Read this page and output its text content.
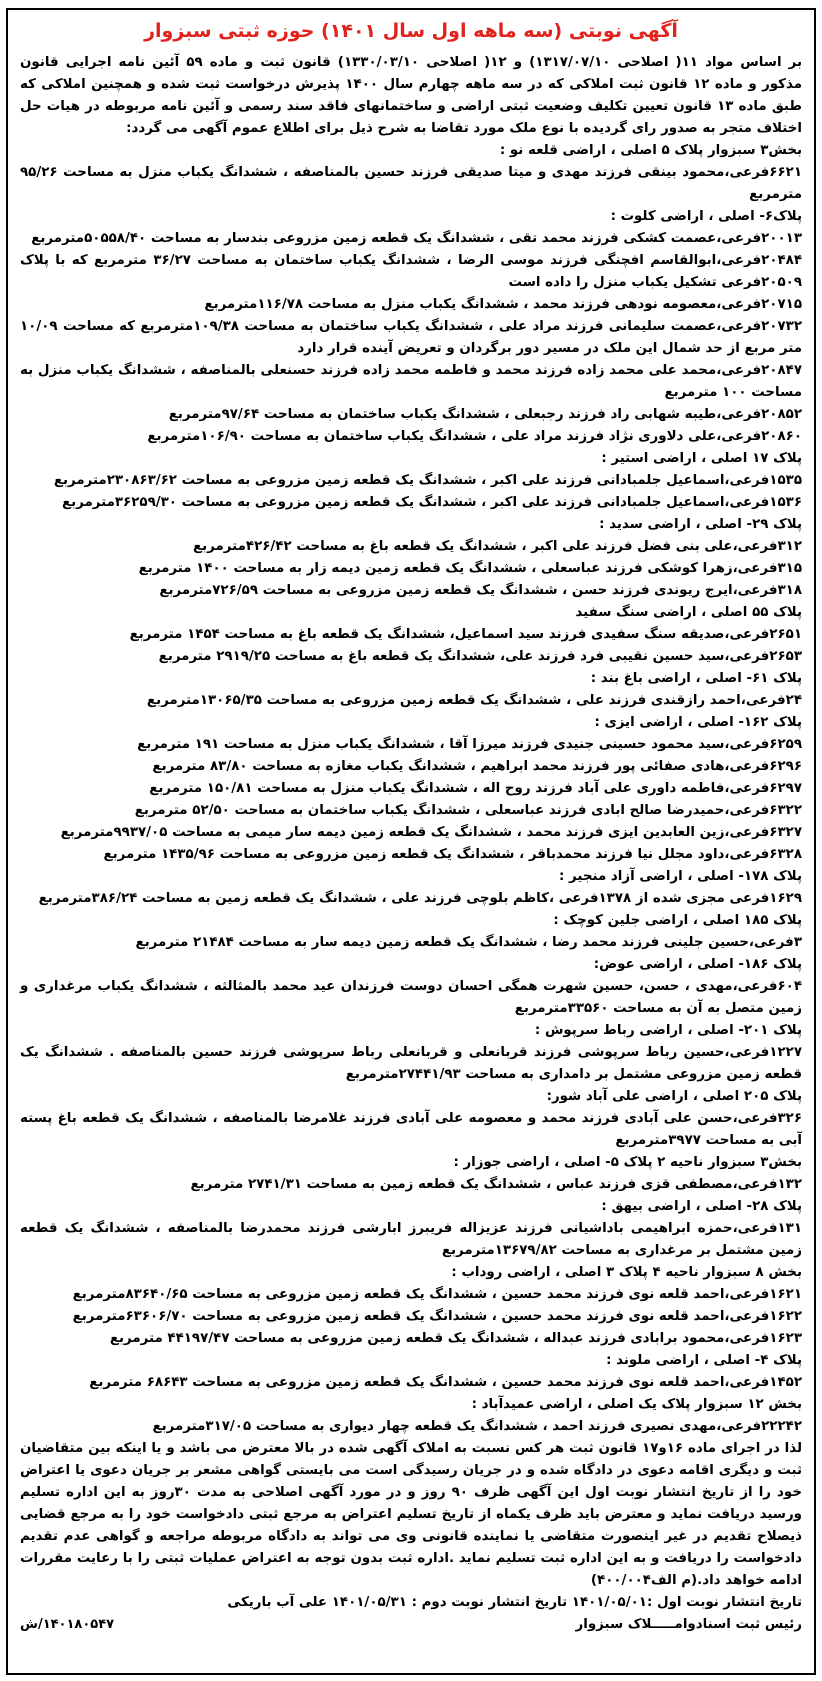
آگهی نوبتی (سه ماهه اول سال ۱۴۰۱) حوزه ثبتی سبزوار

بر اساس مواد ۱۱( اصلاحی ۱۳۱۷/۰۷/۱۰) و ۱۲( اصلاحی ۱۳۳۰/۰۳/۱۰) قانون ثبت و ماده ۵۹ آئین نامه اجرایی قانون مذکور و ماده ۱۲ قانون ثبت املاکی که در سه ماهه چهارم سال ۱۴۰۰ پذیرش درخواست ثبت شده و همچنین املاکی که طبق ماده ۱۳ قانون تعیین تکلیف وضعیت ثبتی اراضی و ساختمانهای فاقد سند رسمی و آئین نامه مربوطه در هیات حل اختلاف متجر به صدور رای گردیده با نوع ملک مورد تقاضا به شرح ذیل برای اطلاع عموم آگهی می گردد:

بخش۳ سبزوار پلاک ۵ اصلی ، اراضی قلعه نو :

۶۶۲۱فرعی،محمود بینقی فرزند مهدی و میتا صدیقی فرزند حسین بالمناصفه ، ششدانگ یکباب منزل به مساحت ۹۵/۲۶ مترمربع

پلاک۶- اصلی ، اراضی کلوت :

۲۰۰۱۳فرعی،عصمت کشکی فرزند محمد تقی ، ششدانگ یک قطعه زمین مزروعی بندسار به مساحت ۵۰۵۵۸/۴۰مترمربع

۲۰۴۸۴فرعی،ابوالقاسم افچنگی فرزند موسی الرضا ، ششدانگ یکباب ساختمان به مساحت ۳۶/۲۷ مترمربع که با پلاک ۲۰۵۰۹فرعی تشکیل یکباب منزل را داده است

۲۰۷۱۵فرعی،معصومه نودهی فرزند محمد ، ششدانگ یکباب منزل به مساحت ۱۱۶/۷۸مترمربع

۲۰۷۳۲فرعی،عصمت سلیمانی فرزند مراد علی ، ششدانگ یکباب ساختمان به مساحت ۱۰۹/۳۸مترمربع که مساحت ۱۰/۰۹ متر مربع از حد شمال این ملک در مسیر دور برگردان و تعریض آینده قرار دارد

۲۰۸۴۷فرعی،محمد علی محمد زاده فرزند محمد و فاطمه محمد زاده فرزند حسنعلی بالمناصفه ، ششدانگ یکباب منزل به مساحت ۱۰۰ مترمربع

۲۰۸۵۲فرعی،طیبه شهابی راد فرزند رجبعلی ، ششدانگ یکباب ساختمان به مساحت ۹۷/۶۴مترمربع

۲۰۸۶۰فرعی،علی دلاوری نژاد فرزند مراد علی ، ششدانگ یکباب ساختمان به مساحت ۱۰۶/۹۰مترمربع

پلاک ۱۷ اصلی ، اراضی استیر :

۱۵۳۵فرعی،اسماعیل جلمبادانی فرزند علی اکبر ، ششدانگ یک قطعه زمین مزروعی به مساحت ۲۳۰۸۶۳/۶۲مترمربع

۱۵۳۶فرعی،اسماعیل جلمبادانی فرزند علی اکبر ، ششدانگ یک قطعه زمین مزروعی به مساحت ۳۶۲۵۹/۳۰مترمربع

پلاک ۲۹- اصلی ، اراضی سدید :

۳۱۲فرعی،علی بنی فضل فرزند علی اکبر ، ششدانگ یک قطعه باغ به مساحت ۴۲۶/۴۲مترمربع

۳۱۵فرعی،زهرا کوشکی فرزند عباسعلی ، ششدانگ یک قطعه زمین دیمه زار به مساحت ۱۴۰۰ مترمربع

۳۱۸فرعی،ایرج ریوندی فرزند حسن ، ششدانگ یک قطعه زمین مزروعی به مساحت ۷۲۶/۵۹مترمربع

پلاک ۵۵ اصلی ، اراضی سنگ سفید

۲۶۵۱فرعی،صدیقه سنگ سفیدی فرزند سید اسماعیل، ششدانگ یک قطعه باغ به مساحت ۱۴۵۴ مترمربع

۲۶۵۳فرعی،سید حسین نقیبی فرد فرزند علی، ششدانگ یک قطعه باغ به مساحت ۲۹۱۹/۲۵ مترمربع

پلاک ۶۱- اصلی ، اراضی باغ بند :

۲۴فرعی،احمد رازقندی فرزند علی ، ششدانگ یک قطعه زمین مزروعی به مساحت ۱۳۰۶۵/۳۵مترمربع

پلاک ۱۶۲- اصلی ، اراضی ایزی :

۶۲۵۹فرعی،سید محمود حسینی جنیدی فرزند میرزا آقا ، ششدانگ یکباب منزل به مساحت ۱۹۱ مترمربع

۶۲۹۶فرعی،هادی صفائی پور فرزند محمد ابراهیم ، ششدانگ یکباب مغازه به مساحت ۸۳/۸۰ مترمربع

۶۲۹۷فرعی،فاطمه داوری علی آباد فرزند روح اله ، ششدانگ یکباب منزل به مساحت ۱۵۰/۸۱ مترمربع

۶۳۲۲فرعی،حمیدرضا صالح ابادی فرزند عباسعلی ، ششدانگ یکباب ساختمان به مساحت ۵۲/۵۰ مترمربع

۶۳۲۷فرعی،زین العابدین ایزی فرزند محمد ، ششدانگ یک قطعه زمین دیمه سار میمی به مساحت ۹۹۳۷/۰۵مترمربع

۶۳۲۸فرعی،داود مجلل نیا فرزند محمدباقر ، ششدانگ یک قطعه زمین مزروعی به مساحت ۱۴۳۵/۹۶ مترمربع

پلاک ۱۷۸- اصلی ، اراضی آزاد منجیر :

۱۶۲۹فرعی مجزی شده از ۱۳۷۸فرعی ،کاظم بلوچی فرزند علی ، ششدانگ یک قطعه زمین به مساحت ۳۸۶/۲۴مترمربع

پلاک ۱۸۵ اصلی ، اراضی جلین کوچک :

۳فرعی،حسین جلینی فرزند محمد رضا ، ششدانگ یک قطعه زمین دیمه سار به مساحت ۲۱۴۸۴ مترمربع

پلاک ۱۸۶- اصلی ، اراضی عوض:

۶۰۴فرعی،مهدی ، حسن، حسین شهرت همگی احسان دوست فرزندان عید محمد بالمثالثه ، ششدانگ یکباب مرغداری و زمین متصل به آن به مساحت ۳۳۵۶۰مترمربع

پلاک ۲۰۱- اصلی ، اراضی رباط سرپوش :

۱۲۲۷فرعی،حسین رباط سرپوشی فرزند قربانعلی و قربانعلی رباط سرپوشی فرزند حسین بالمناصفه . ششدانگ یک قطعه زمین مزروعی مشتمل بر دامداری به مساحت ۲۷۴۴۱/۹۳مترمربع

پلاک ۲۰۵ اصلی ، اراضی علی آباد شور:

۳۲۶فرعی،حسن علی آبادی فرزند محمد و معصومه علی آبادی فرزند غلامرضا بالمناصفه ، ششدانگ یک قطعه باغ پسته آبی به مساحت ۳۹۷۷مترمربع

بخش۳ سبزوار ناحیه ۲ پلاک ۵- اصلی ، اراضی جوزار :

۱۳۲فرعی،مصطفی قزی فرزند عباس ، ششدانگ یک قطعه زمین به مساحت ۲۷۴۱/۳۱ مترمربع

پلاک ۲۸- اصلی ، اراضی بیهق :

۱۳۱فرعی،حمزه ابراهیمی باداشیانی فرزند عزیزاله فریبرز ابارشی فرزند محمدرضا بالمناصفه ، ششدانگ یک قطعه زمین مشتمل بر مرغداری به مساحت ۱۳۶۷۹/۸۲مترمربع

بخش ۸ سبزوار ناحیه ۴ پلاک ۳ اصلی ، اراضی روداب :

۱۶۲۱فرعی،احمد قلعه نوی فرزند محمد حسین ، ششدانگ یک قطعه زمین مزروعی به مساحت ۸۳۶۴۰/۶۵مترمربع

۱۶۲۲فرعی،احمد قلعه نوی فرزند محمد حسین ، ششدانگ یک قطعه زمین مزروعی به مساحت ۶۳۶۰۶/۷۰مترمربع

۱۶۲۳فرعی،محمود برابادی فرزند عبداله ، ششدانگ یک قطعه زمین مزروعی به مساحت ۴۴۱۹۷/۴۷ مترمربع

پلاک ۴- اصلی ، اراضی ملوند :

۱۴۵۲فرعی،احمد قلعه نوی فرزند محمد حسین ، ششدانگ یک قطعه زمین مزروعی به مساحت ۶۸۶۴۳ مترمربع

بخش ۱۲ سبزوار پلاک یک اصلی ، اراضی عمیدآباد :

۲۲۲۴۲فرعی،مهدی نصیری فرزند احمد ، ششدانگ یک قطعه چهار دیواری به مساحت ۳۱۷/۰۵مترمربع

لذا در اجرای ماده ۱۶و۱۷ قانون ثبت هر کس نسبت به املاک آگهی شده در بالا معترض می باشد و یا اینکه بین متقاضیان ثبت و دیگری اقامه دعوی در دادگاه شده و در جریان رسیدگی است می بایستی گواهی مشعر بر جریان دعوی یا اعتراض خود را از تاریخ انتشار نوبت اول این آگهی ظرف ۹۰ روز و در مورد آگهی اصلاحی به مدت ۳۰روز به این اداره تسلیم ورسید دریافت نماید و معترض باید ظرف یکماه از تاریخ تسلیم اعتراض به مرجع ثبتی دادخواست خود را به مرجع قضایی ذیصلاح تقدیم در غیر اینصورت متقاضی یا نماینده قانونی وی می تواند به دادگاه مربوطه مراجعه و گواهی عدم تقدیم دادخواست را دریافت و به این اداره ثبت تسلیم نماید .اداره ثبت بدون توجه به اعتراض عملیات ثبتی را با رعایت مقررات ادامه خواهد داد.(م الف۴۰۰/۰۰۴)

تاریخ انتشار نوبت اول :۱۴۰۱/۰۵/۰۱ تاریخ انتشار نوبت دوم : ۱۴۰۱/۰۵/۳۱ علی آب باریکی

رئیس ثبت اسنادوامـــــلاک سبزوار

۱۴۰۱۸۰۵۴۷/ش
